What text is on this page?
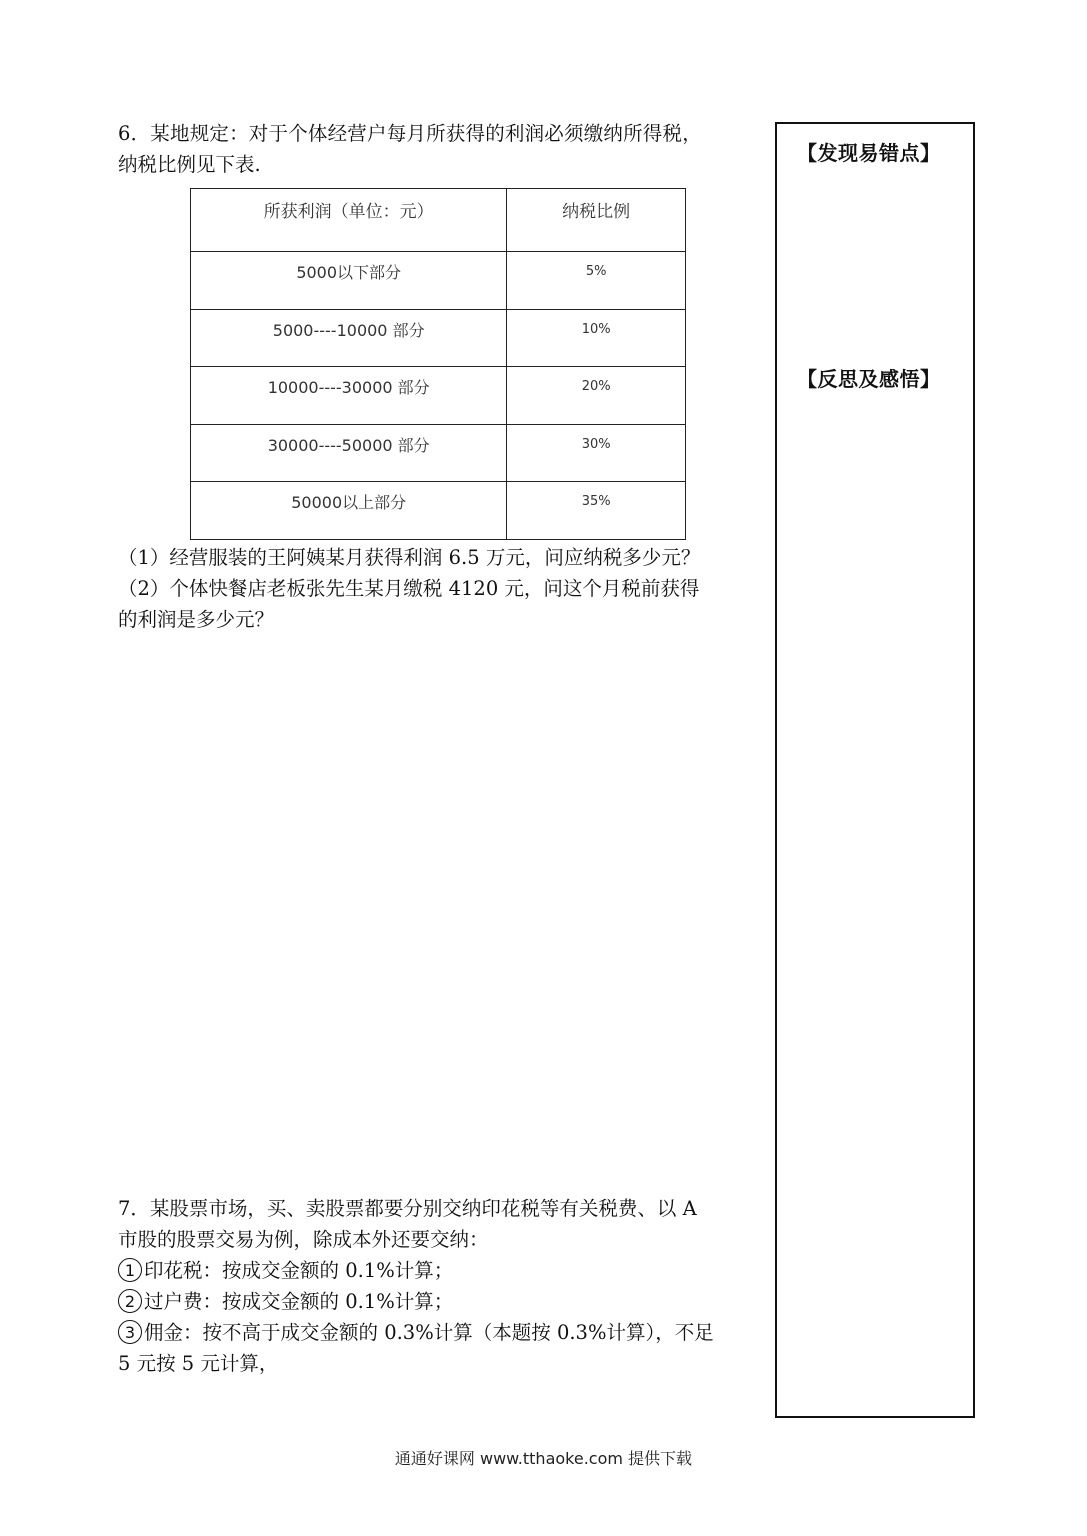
6．某地规定：对于个体经营户每月所获得的利润必须缴纳所得税，

纳税比例见下表.

所获利润（单位：元）	纳税比例
5000以下部分	5%
5000----10000 部分	10%
10000----30000 部分	20%
30000----50000 部分	30%
50000以上部分	35%

（1）经营服装的王阿姨某月获得利润 6.5 万元，问应纳税多少元？

（2）个体快餐店老板张先生某月缴税 4120 元，问这个月税前获得

的利润是多少元？

7．某股票市场，买、卖股票都要分别交纳印花税等有关税费、以 A

市股的股票交易为例，除成本外还要交纳：

1 印花税：按成交金额的 0.1%计算；

2 过户费：按成交金额的 0.1%计算；

3 佣金：按不高于成交金额的 0.3%计算（本题按 0.3%计算），不足

5 元按 5 元计算，

【发现易错点】
【反思及感悟】
通通好课网 www.tthaoke.com 提供下载
